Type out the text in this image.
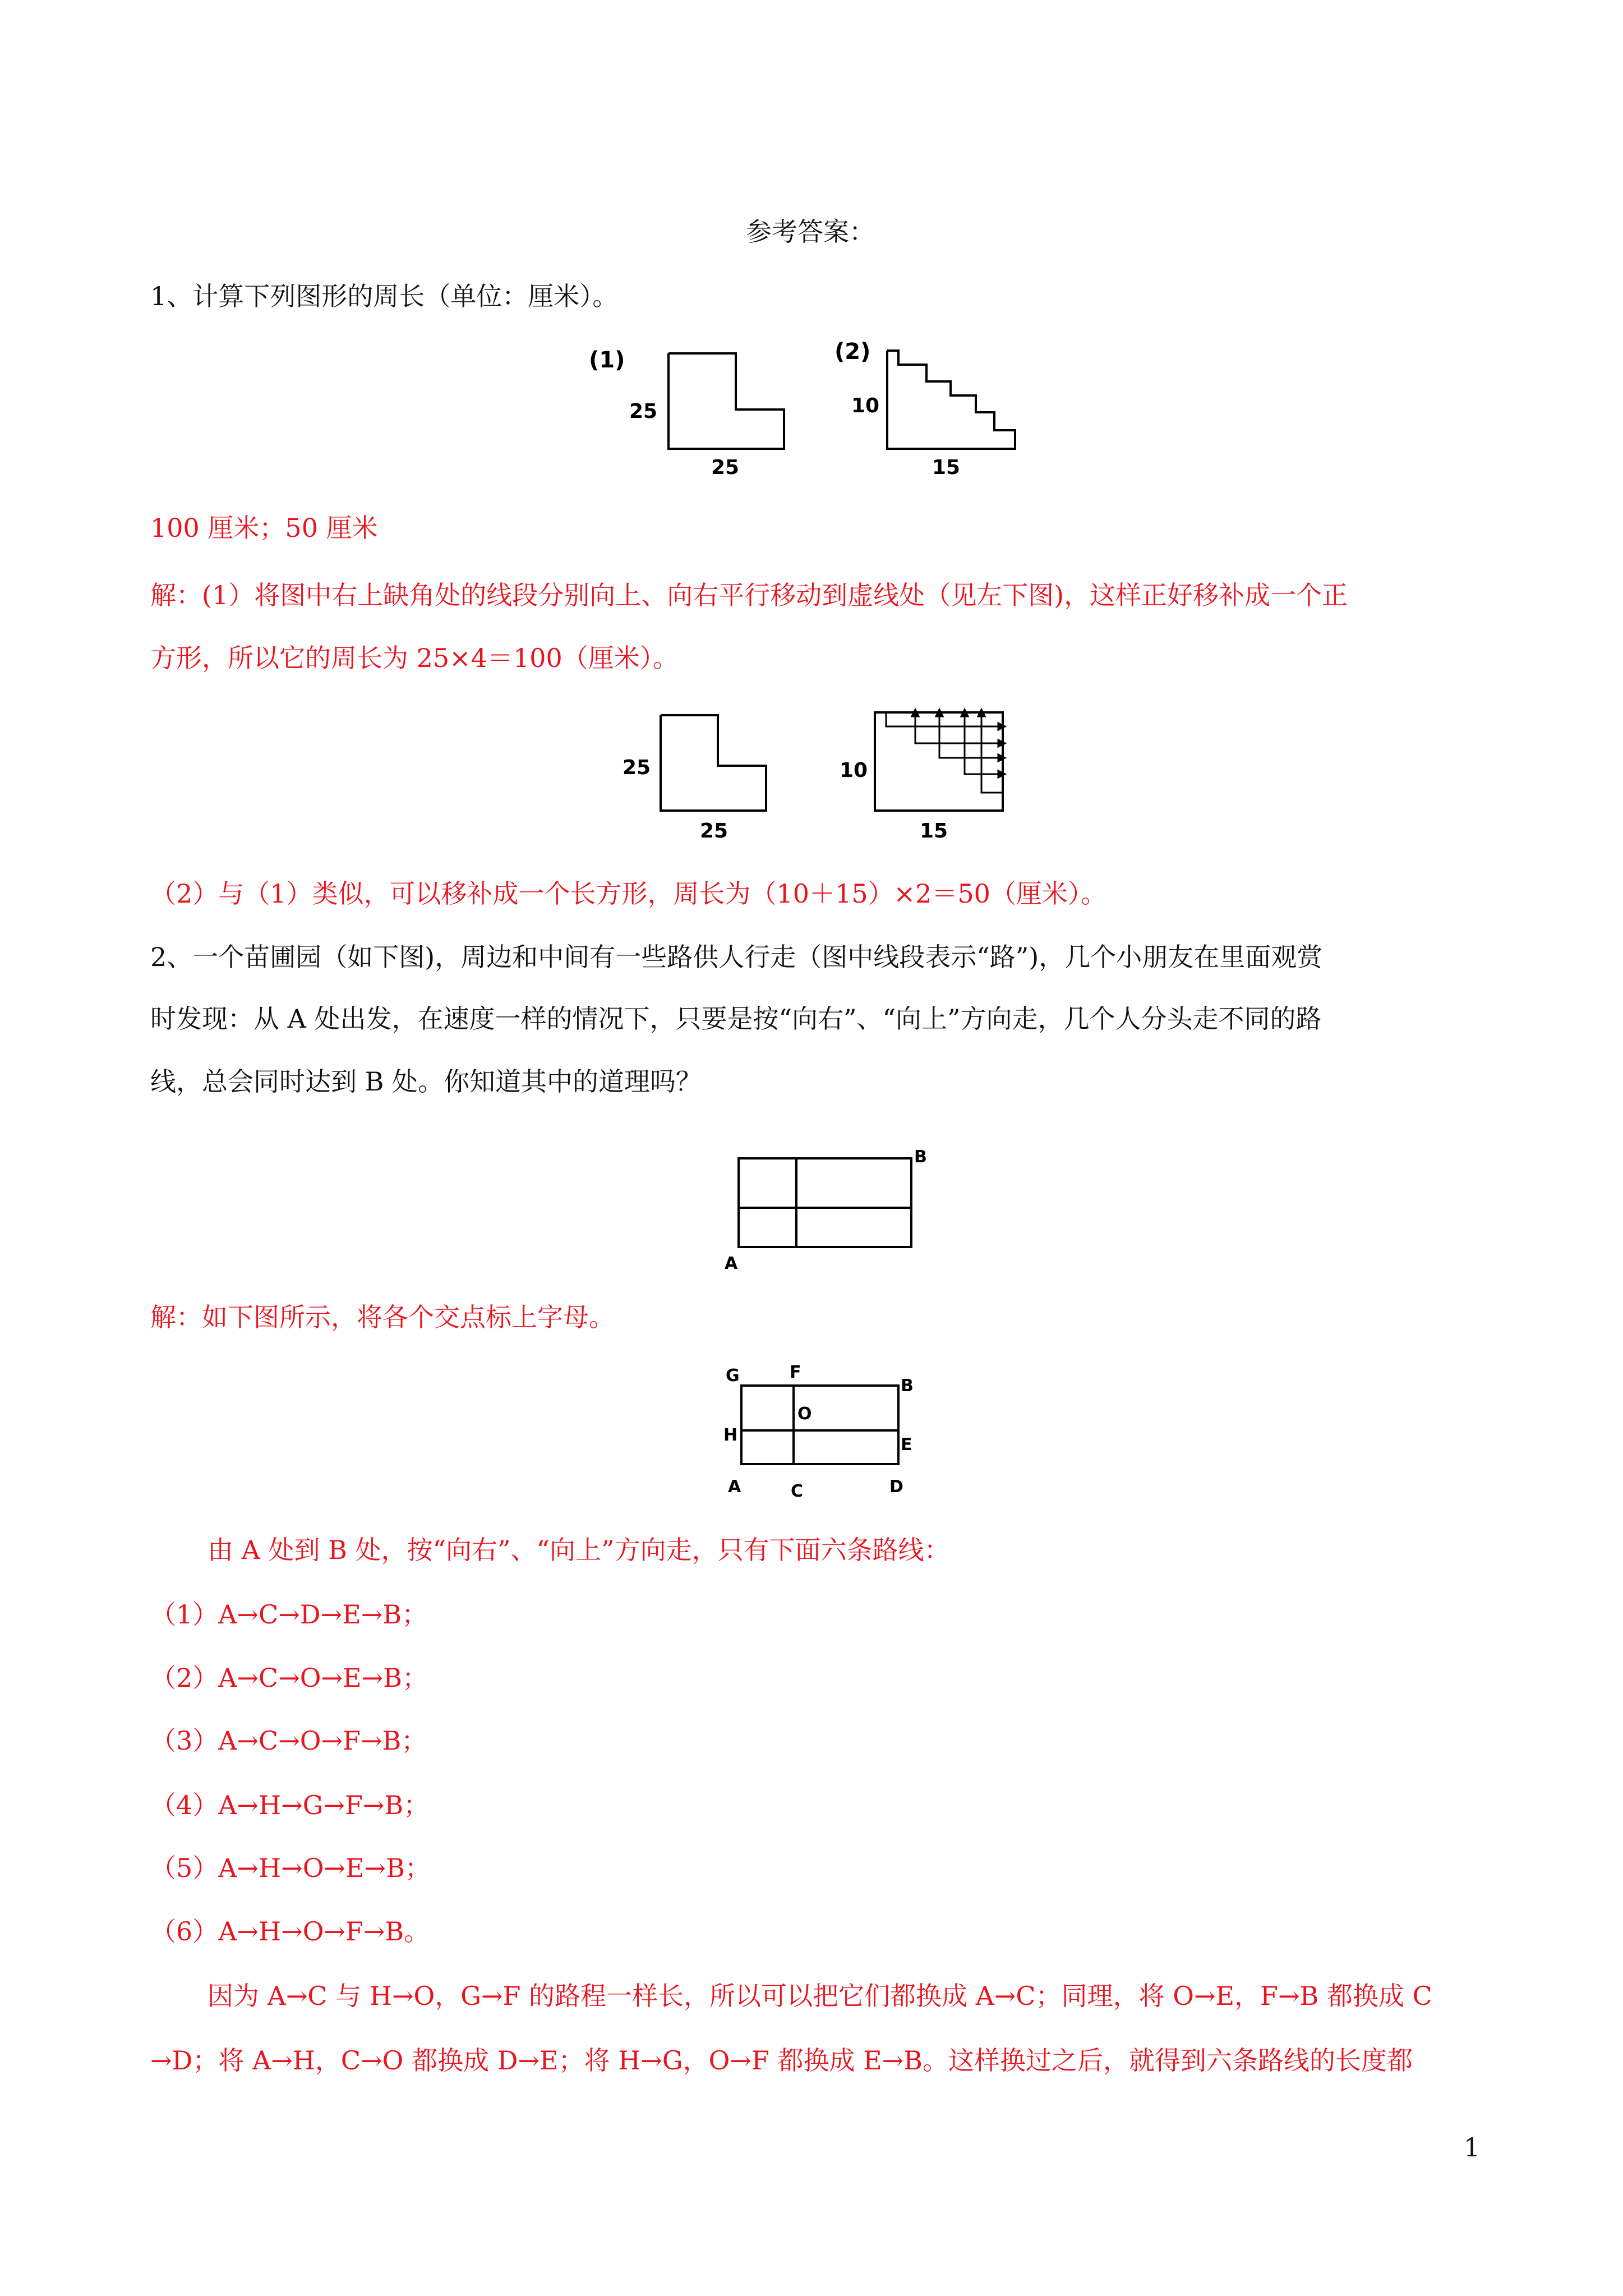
参考答案：

1、计算下列图形的周长（单位：厘米）。

(1)
25
25
(2)
10
15

100 厘米；50 厘米

解：(1）将图中右上缺角处的线段分别向上、向右平行移动到虚线处（见左下图)，这样正好移补成一个正

方形，所以它的周长为 25×4＝100（厘米）。

25
25
10
15

（2）与（1）类似，可以移补成一个长方形，周长为（10＋15）×2＝50（厘米）。

2、一个苗圃园（如下图)，周边和中间有一些路供人行走（图中线段表示“路”)，几个小朋友在里面观赏

时发现：从 A 处出发，在速度一样的情况下，只要是按“向右”、“向上”方向走，几个人分头走不同的路

线，总会同时达到 B 处。你知道其中的道理吗？

B
A

解：如下图所示，将各个交点标上字母。

G	F
B
O
H	E
A	C	D

由 A 处到 B 处，按“向右”、“向上”方向走，只有下面六条路线：

（1）A→C→D→E→B；

（2）A→C→O→E→B；

（3）A→C→O→F→B；

（4）A→H→G→F→B；

（5）A→H→O→E→B；

（6）A→H→O→F→B。

因为 A→C 与 H→O，G→F 的路程一样长，所以可以把它们都换成 A→C；同理，将 O→E，F→B 都换成 C

→D；将 A→H，C→O 都换成 D→E；将 H→G，O→F 都换成 E→B。这样换过之后，就得到六条路线的长度都

1
